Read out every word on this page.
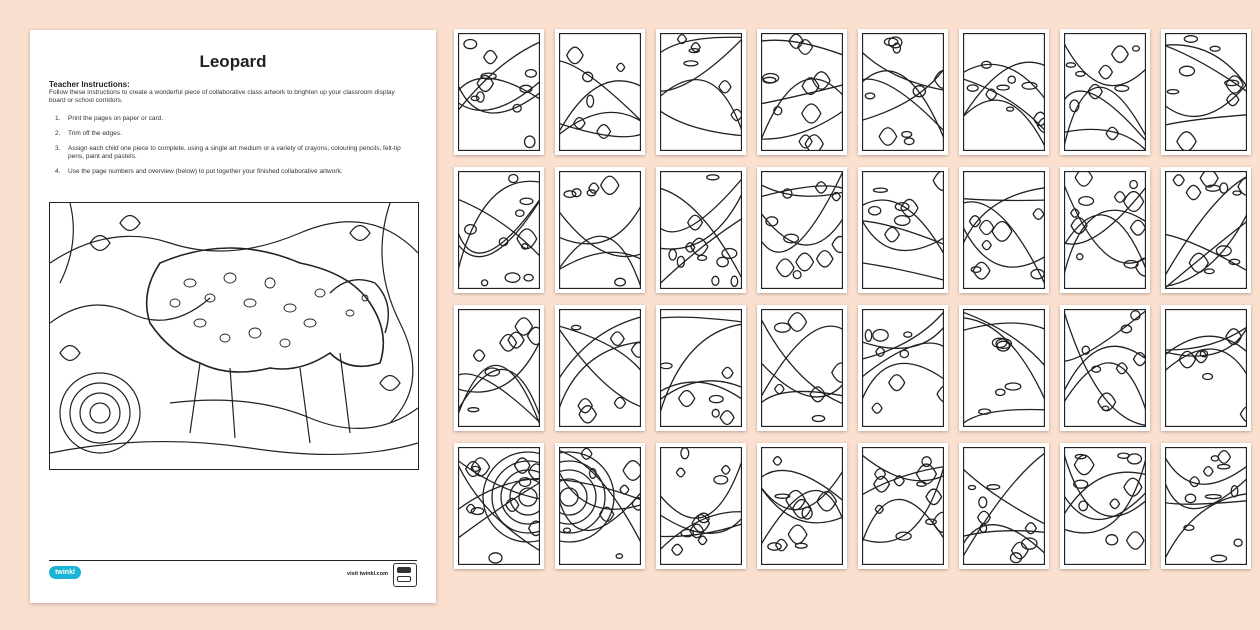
Leopard
Teacher Instructions:
Follow these instructions to create a wonderful piece of collaborative class artwork to brighten up your classroom display board or school corridors.
1. Print the pages on paper or card.
2. Trim off the edges.
3. Assign each child one piece to complete, using a single art medium or a variety of crayons, colouring pencils, felt-tip pens, paint and pastels.
4. Use the page numbers and overview (below) to put together your finished collaborative artwork.
twinkl	visit twinkl.com
